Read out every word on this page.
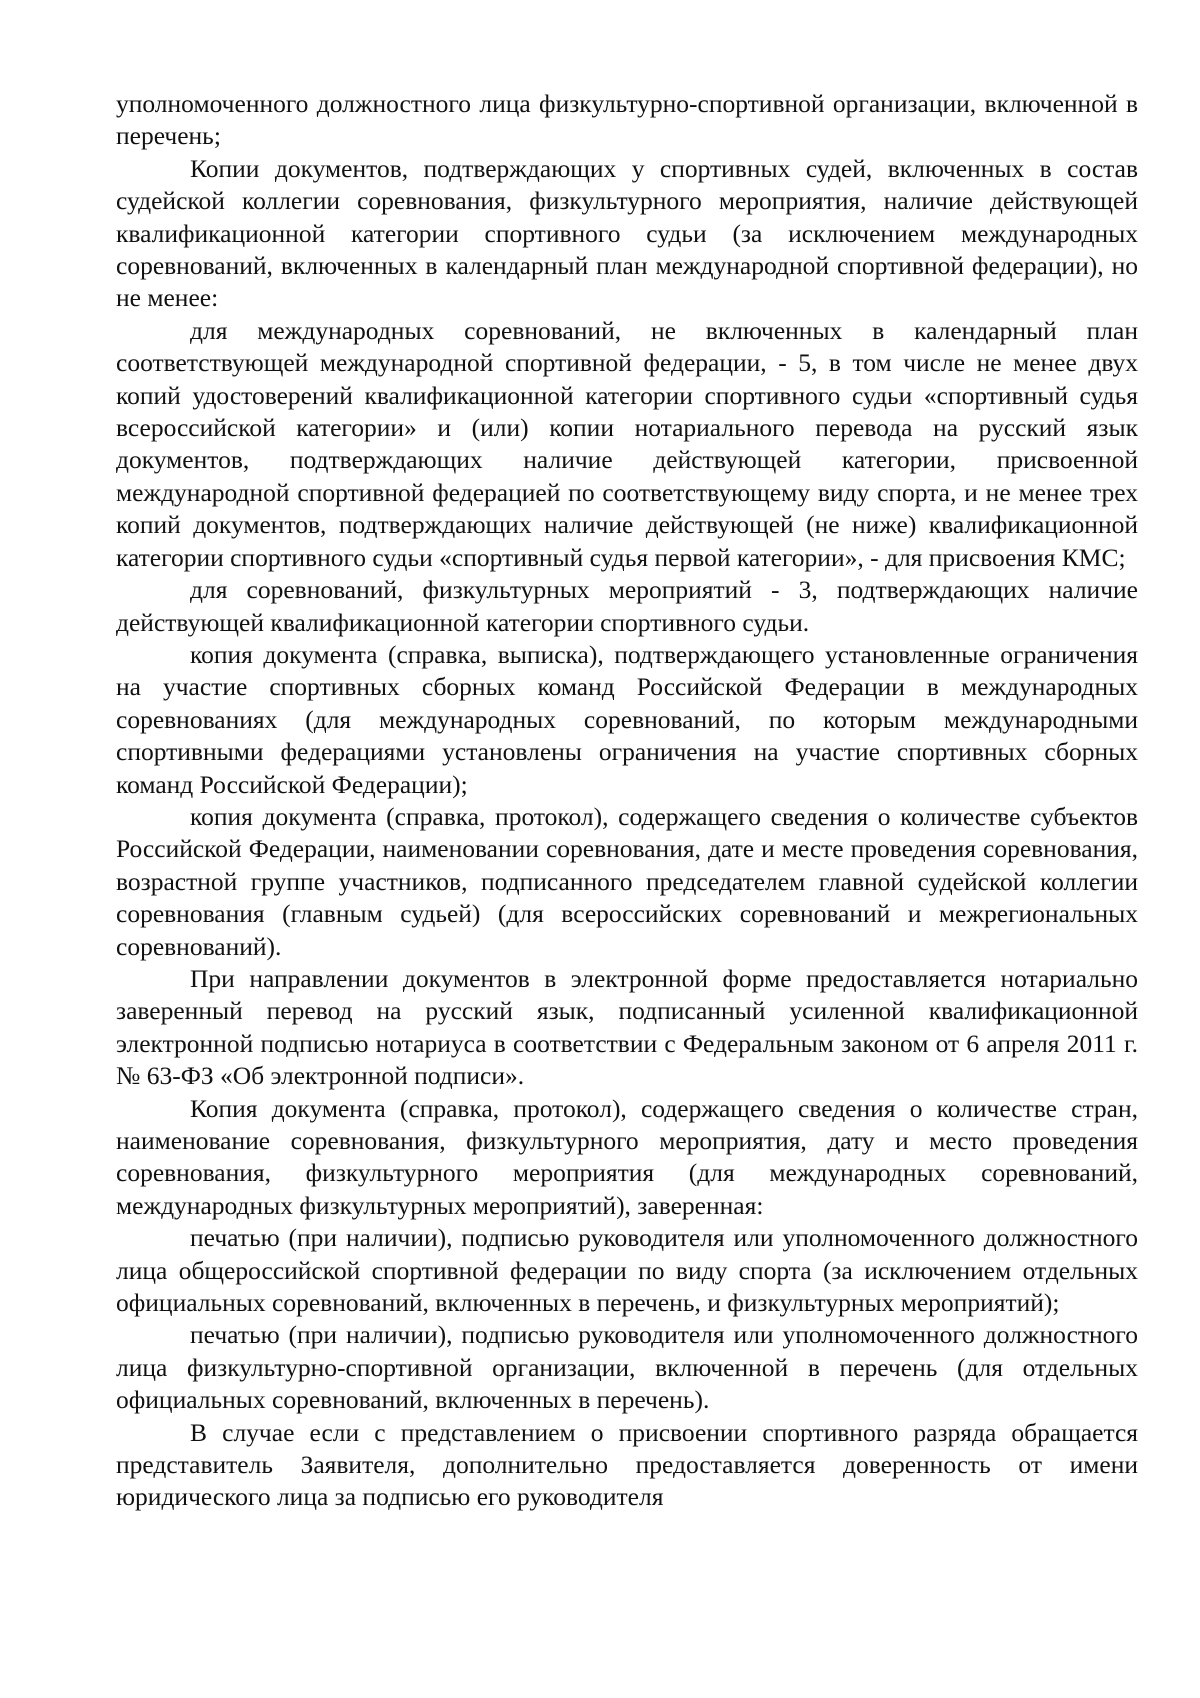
уполномоченного должностного лица физкультурно-спортивной организации, включенной в перечень;

Копии документов, подтверждающих у спортивных судей, включенных в состав судейской коллегии соревнования, физкультурного мероприятия, наличие действующей квалификационной категории спортивного судьи (за исключением международных соревнований, включенных в календарный план международной спортивной федерации), но не менее:

для международных соревнований, не включенных в календарный план соответствующей международной спортивной федерации, - 5, в том числе не менее двух копий удостоверений квалификационной категории спортивного судьи «спортивный судья всероссийской категории» и (или) копии нотариального перевода на русский язык документов, подтверждающих наличие действующей категории, присвоенной международной спортивной федерацией по соответствующему виду спорта, и не менее трех копий документов, подтверждающих наличие действующей (не ниже) квалификационной категории спортивного судьи «спортивный судья первой категории», - для присвоения КМС;

для соревнований, физкультурных мероприятий - 3, подтверждающих наличие действующей квалификационной категории спортивного судьи.

копия документа (справка, выписка), подтверждающего установленные ограничения на участие спортивных сборных команд Российской Федерации в международных соревнованиях (для международных соревнований, по которым международными спортивными федерациями установлены ограничения на участие спортивных сборных команд Российской Федерации);

копия документа (справка, протокол), содержащего сведения о количестве субъектов Российской Федерации, наименовании соревнования, дате и месте проведения соревнования, возрастной группе участников, подписанного председателем главной судейской коллегии соревнования (главным судьей) (для всероссийских соревнований и межрегиональных соревнований).

При направлении документов в электронной форме предоставляется нотариально заверенный перевод на русский язык, подписанный усиленной квалификационной электронной подписью нотариуса в соответствии с Федеральным законом от 6 апреля 2011 г. № 63-ФЗ «Об электронной подписи».

Копия документа (справка, протокол), содержащего сведения о количестве стран, наименование соревнования, физкультурного мероприятия, дату и место проведения соревнования, физкультурного мероприятия (для международных соревнований, международных физкультурных мероприятий), заверенная:

печатью (при наличии), подписью руководителя или уполномоченного должностного лица общероссийской спортивной федерации по виду спорта (за исключением отдельных официальных соревнований, включенных в перечень, и физкультурных мероприятий);

печатью (при наличии), подписью руководителя или уполномоченного должностного лица физкультурно-спортивной организации, включенной в перечень (для отдельных официальных соревнований, включенных в перечень).

В случае если с представлением о присвоении спортивного разряда обращается представитель Заявителя, дополнительно предоставляется доверенность от имени юридического лица за подписью его руководителя
